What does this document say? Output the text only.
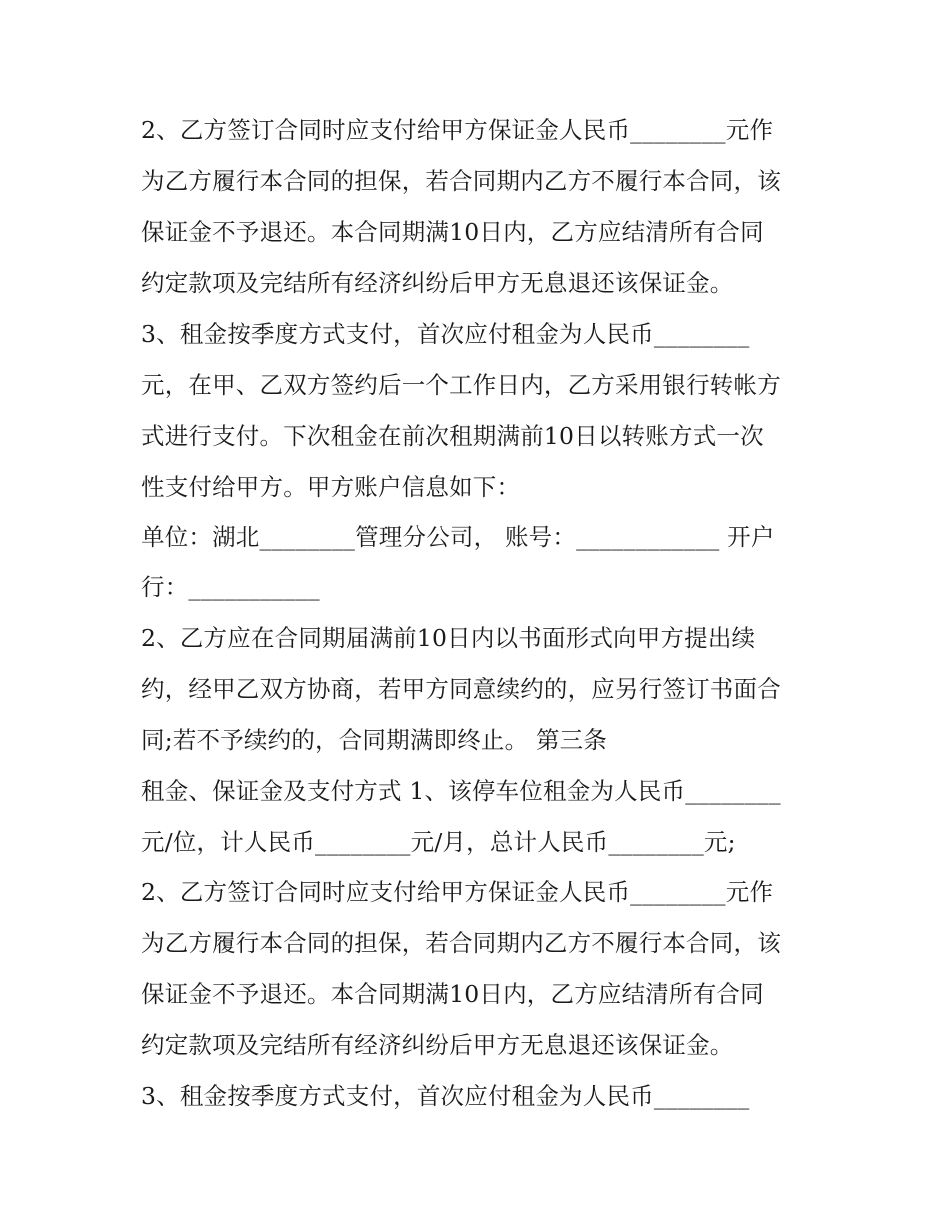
2、乙方签订合同时应支付给甲方保证金人民币________元作
为乙方履行本合同的担保，若合同期内乙方不履行本合同，该
保证金不予退还。本合同期满10日内，乙方应结清所有合同
约定款项及完结所有经济纠纷后甲方无息退还该保证金。
3、租金按季度方式支付，首次应付租金为人民币________
元，在甲、乙双方签约后一个工作日内，乙方采用银行转帐方
式进行支付。下次租金在前次租期满前10日以转账方式一次
性支付给甲方。甲方账户信息如下：
单位：湖北________管理分公司， 账号：____________ 开户
行：___________
2、乙方应在合同期届满前10日内以书面形式向甲方提出续
约，经甲乙双方协商，若甲方同意续约的，应另行签订书面合
同;若不予续约的，合同期满即终止。 第三条
租金、保证金及支付方式 1、该停车位租金为人民币________
元/位，计人民币________元/月，总计人民币________元;
2、乙方签订合同时应支付给甲方保证金人民币________元作
为乙方履行本合同的担保，若合同期内乙方不履行本合同，该
保证金不予退还。本合同期满10日内，乙方应结清所有合同
约定款项及完结所有经济纠纷后甲方无息退还该保证金。
3、租金按季度方式支付，首次应付租金为人民币________
